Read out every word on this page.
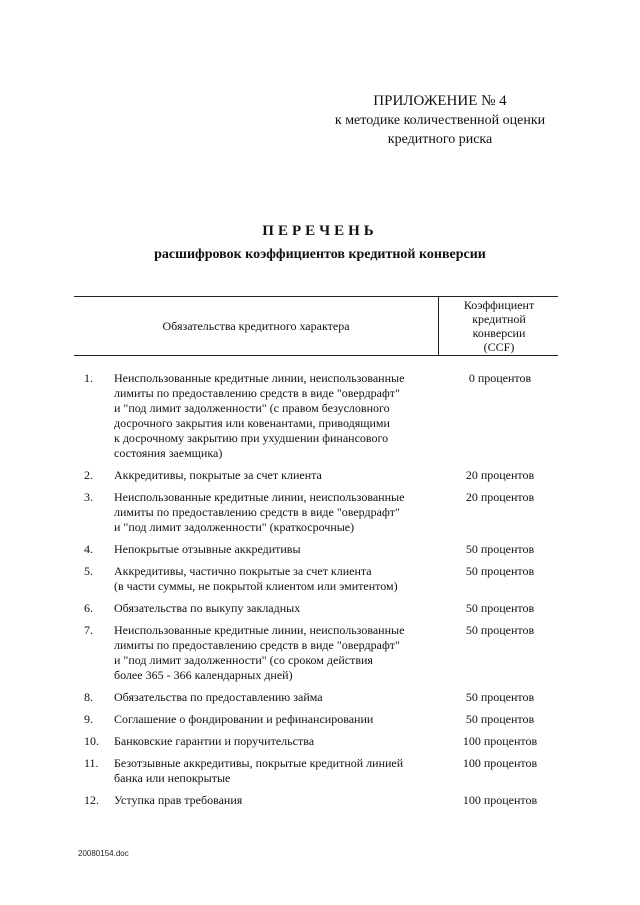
ПРИЛОЖЕНИЕ № 4
к методике количественной оценки
кредитного риска
ПЕРЕЧЕНЬ
расшифровок коэффициентов кредитной конверсии
Обязательства кредитного характера
Коэффициент
кредитной
конверсии
(CCF)
1.	Неиспользованные кредитные линии, неиспользованные
лимиты по предоставлению средств в виде "овердрафт"
и "под лимит задолженности" (с правом безусловного
досрочного закрытия или ковенантами, приводящими
к досрочному закрытию при ухудшении финансового
состояния заемщика)
0 процентов
2.	Аккредитивы, покрытые за счет клиента	20 процентов
3.	Неиспользованные кредитные линии, неиспользованные
лимиты по предоставлению средств в виде "овердрафт"
и "под лимит задолженности" (краткосрочные)
20 процентов
4.	Непокрытые отзывные аккредитивы	50 процентов
5.	Аккредитивы, частично покрытые за счет клиента
(в части суммы, не покрытой клиентом или эмитентом)
50 процентов
6.	Обязательства по выкупу закладных	50 процентов
7.	Неиспользованные кредитные линии, неиспользованные
лимиты по предоставлению средств в виде "овердрафт"
и "под лимит задолженности" (со сроком действия
более 365 - 366 календарных дней)
50 процентов
8.	Обязательства по предоставлению займа	50 процентов
9.	Соглашение о фондировании и рефинансировании	50 процентов
10.	Банковские гарантии и поручительства	100 процентов
11.	Безотзывные аккредитивы, покрытые кредитной линией
банка или непокрытые
100 процентов
12.	Уступка прав требования	100 процентов
20080154.doc
